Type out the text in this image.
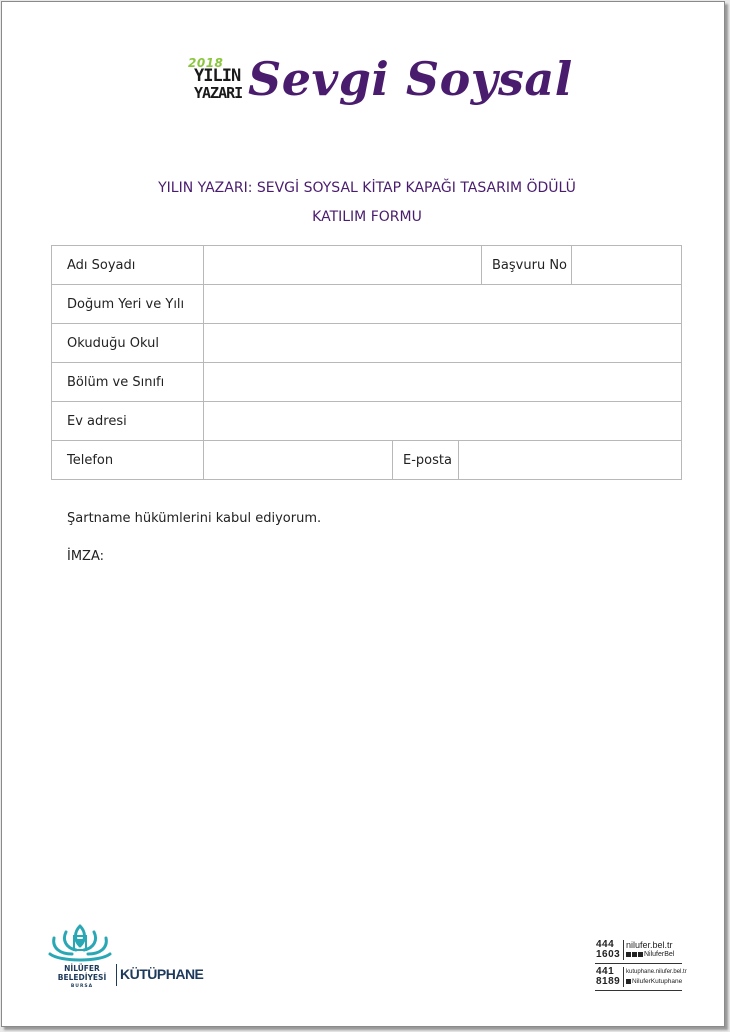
2018
YILIN
YAZARI Sevgi Soysal
YILIN YAZARI: SEVGİ SOYSAL KİTAP KAPAĞI TASARIM ÖDÜLÜ
KATILIM FORMU
Adı Soyadı				Başvuru No	
Doğum Yeri ve Yılı					
Okuduğu Okul					
Bölüm ve Sınıfı					
Ev adresi					
Telefon		E-posta			
Şartname hükümlerini kabul ediyorum.
İMZA:
NİLÜFER
BELEDİYESİ
BURSA
KÜTÜPHANE
444
1603
nilufer.bel.tr
NiluferBel
441
8189
kutuphane.nilufer.bel.tr
NiluferKutuphane
